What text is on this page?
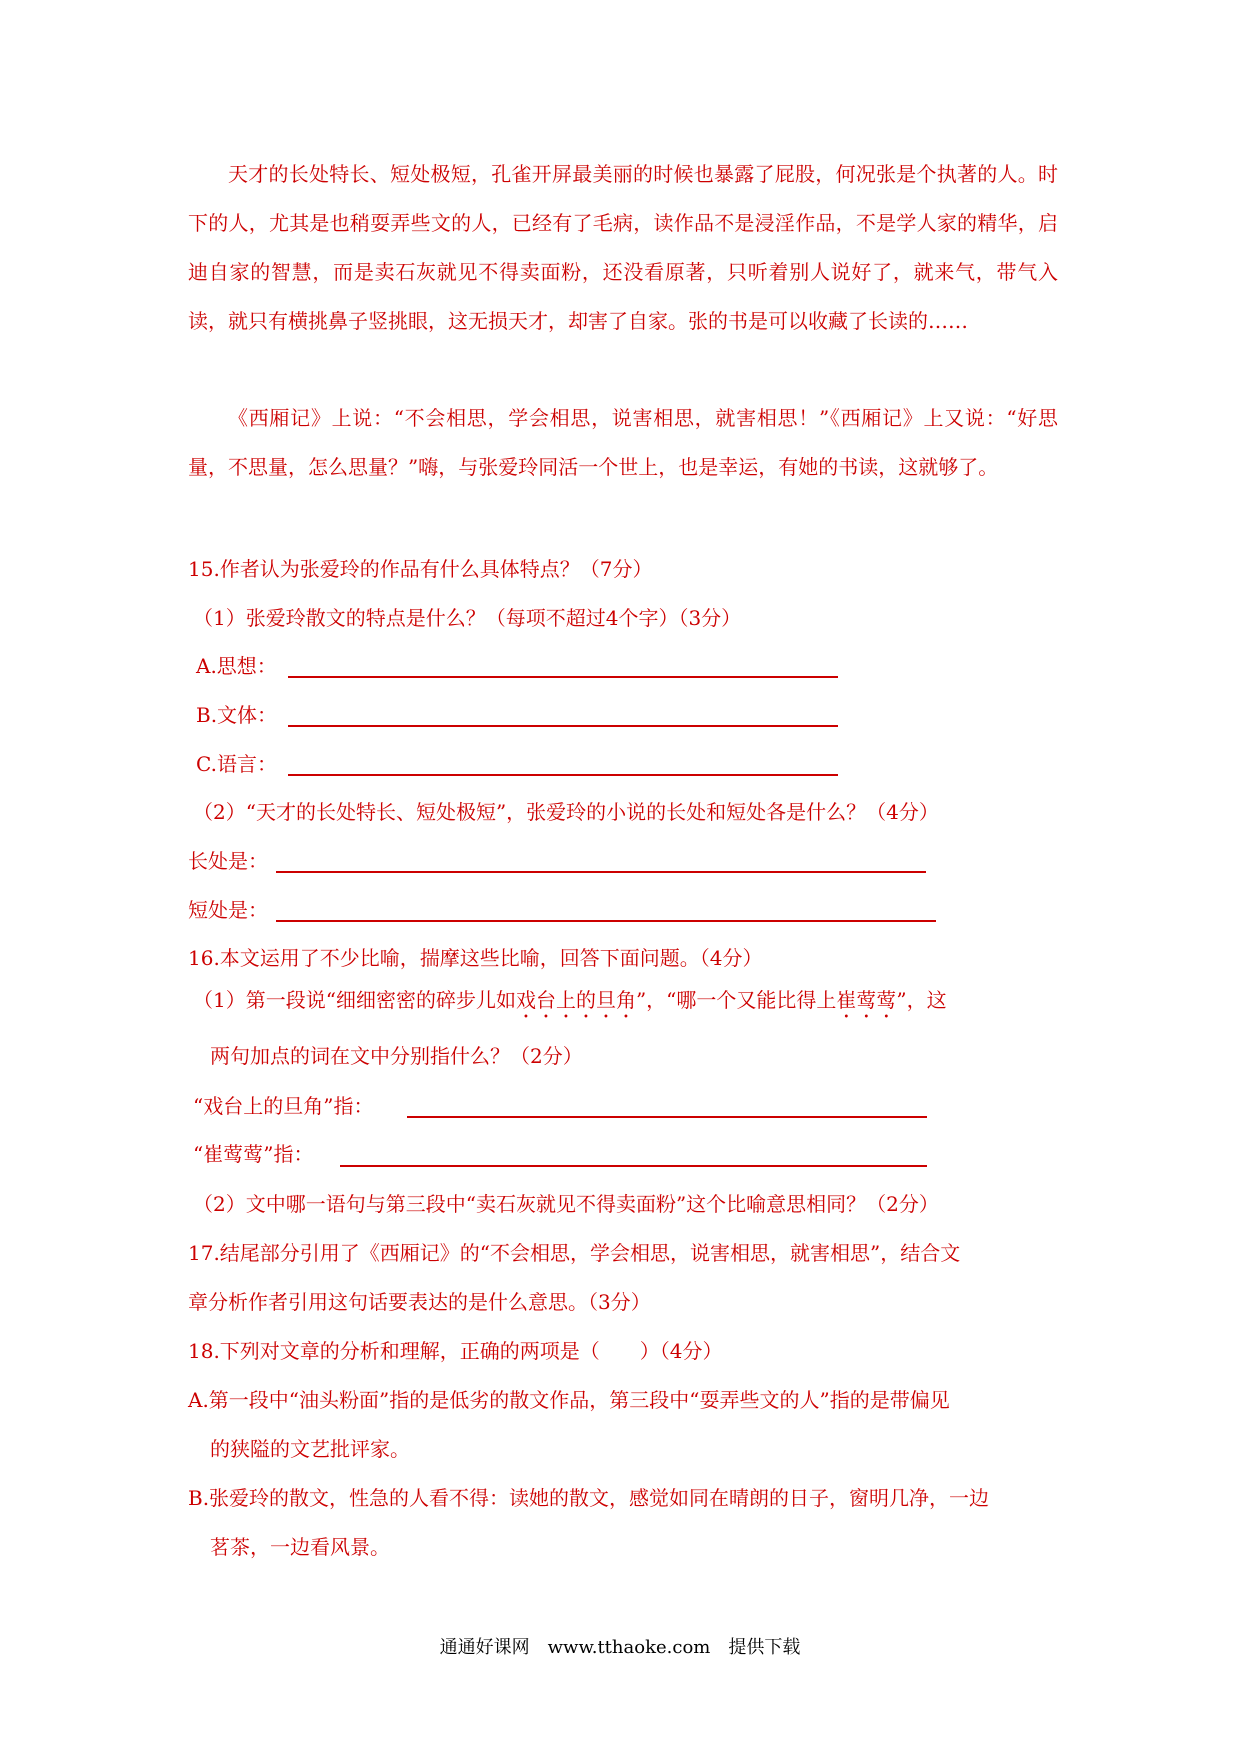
天才的长处特长、短处极短，孔雀开屏最美丽的时候也暴露了屁股，何况张是个执著的人。时下的人，尤其是也稍耍弄些文的人，已经有了毛病，读作品不是浸淫作品，不是学人家的精华，启迪自家的智慧，而是卖石灰就见不得卖面粉，还没看原著，只听着别人说好了，就来气，带气入读，就只有横挑鼻子竖挑眼，这无损天才，却害了自家。张的书是可以收藏了长读的……
《西厢记》上说：“不会相思，学会相思，说害相思，就害相思！”《西厢记》上又说：“好思量，不思量，怎么思量？”嗨，与张爱玲同活一个世上，也是幸运，有她的书读，这就够了。
15.作者认为张爱玲的作品有什么具体特点？（7分）
（1）张爱玲散文的特点是什么？（每项不超过4个字）（3分）
A.思想：
B.文体：
C.语言：
（2）“天才的长处特长、短处极短”，张爱玲的小说的长处和短处各是什么？（4分）
长处是：
短处是：
16.本文运用了不少比喻，揣摩这些比喻，回答下面问题。（4分）
（1）第一段说“细细密密的碎步儿如戏台上的旦角”，“哪一个又能比得上崔莺莺”，这
两句加点的词在文中分别指什么？（2分）
“戏台上的旦角”指：
“崔莺莺”指：
（2）文中哪一语句与第三段中“卖石灰就见不得卖面粉”这个比喻意思相同？（2分）
17.结尾部分引用了《西厢记》的“不会相思，学会相思，说害相思，就害相思”，结合文
章分析作者引用这句话要表达的是什么意思。（3分）
18.下列对文章的分析和理解，正确的两项是（　　）（4分）
A.第一段中“油头粉面”指的是低劣的散文作品，第三段中“耍弄些文的人”指的是带偏见
的狭隘的文艺批评家。
B.张爱玲的散文，性急的人看不得：读她的散文，感觉如同在晴朗的日子，窗明几净，一边
茗茶，一边看风景。
通通好课网　www.tthaoke.com　提供下载
